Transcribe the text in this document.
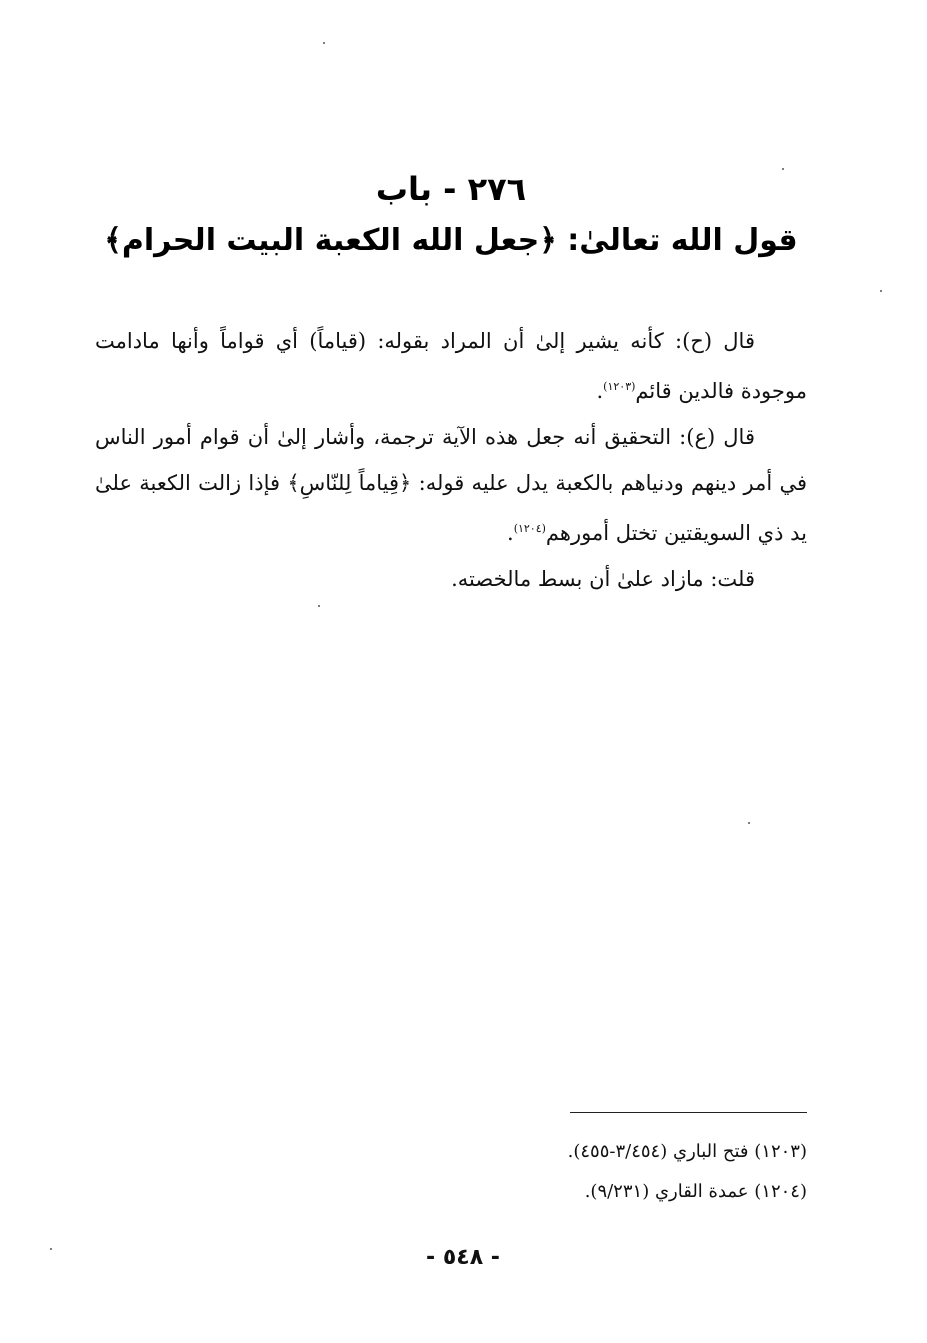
٢٧٦ - باب
قول الله تعالىٰ: ﴿جعل الله الكعبة البيت الحرام﴾

قال (ح): كأنه يشير إلىٰ أن المراد بقوله: (قياماً) أي قواماً وأنها مادامت موجودة فالدين قائم$^{(١٢٠٣)}$.

قال (ع): التحقيق أنه جعل هذه الآية ترجمة، وأشار إلىٰ أن قوام أمور الناس في أمر دينهم ودنياهم بالكعبة يدل عليه قوله: ﴿قِياماً لِلنّاسِ﴾ فإذا زالت الكعبة علىٰ يد ذي السويقتين تختل أمورهم$^{(١٢٠٤)}$.

قلت: مازاد علىٰ أن بسط مالخصته.

(١٢٠٣) فتح الباري (٣/٤٥٤-٤٥٥).
(١٢٠٤) عمدة القاري (٩/٢٣١).
- ٥٤٨ -
